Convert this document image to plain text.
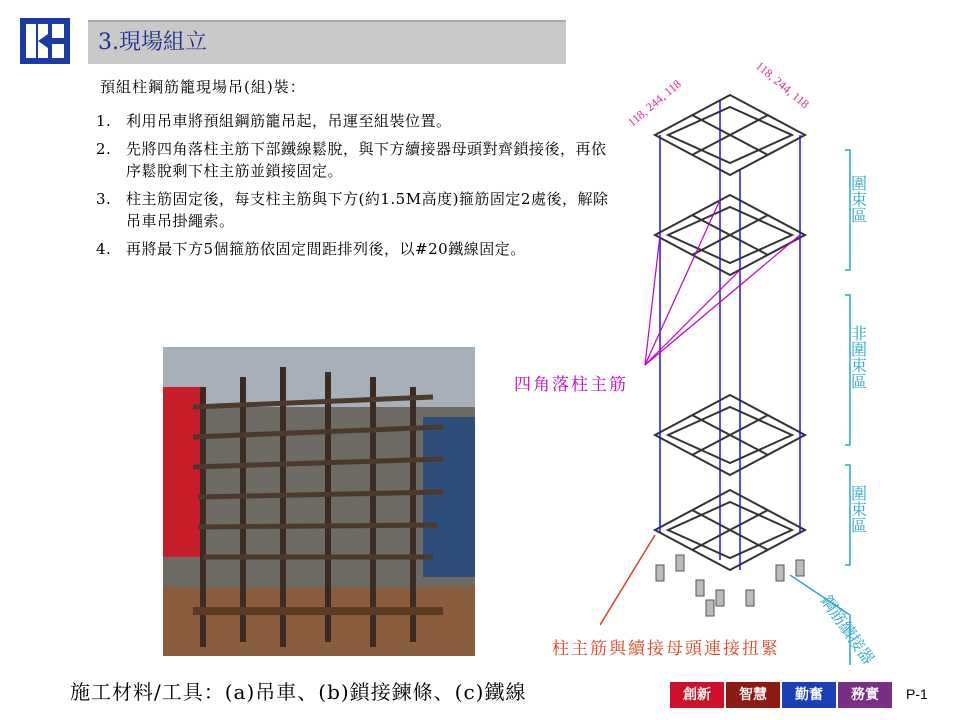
3.現場組立
預組柱鋼筋籠現場吊(組)裝：
1. 利用吊車將預組鋼筋籠吊起，吊運至組裝位置。
2. 先將四角落柱主筋下部鐵線鬆脫，與下方續接器母頭對齊鎖接後，再依序鬆脫剩下柱主筋並鎖接固定。
3. 柱主筋固定後，每支柱主筋與下方(約1.5M高度)箍筋固定2處後，解除吊車吊掛繩索。
4. 再將最下方5個箍筋依固定間距排列後，以#20鐵線固定。
118, 244, 118	118, 244, 118
圍束區
非圍束區
圍束區
鋼筋續接器
四角落柱主筋
柱主筋與續接母頭連接扭緊
施工材料/工具：(a)吊車、(b)鎖接鍊條、(c)鐵線	創新	智慧	勤奮	務實	P-1
